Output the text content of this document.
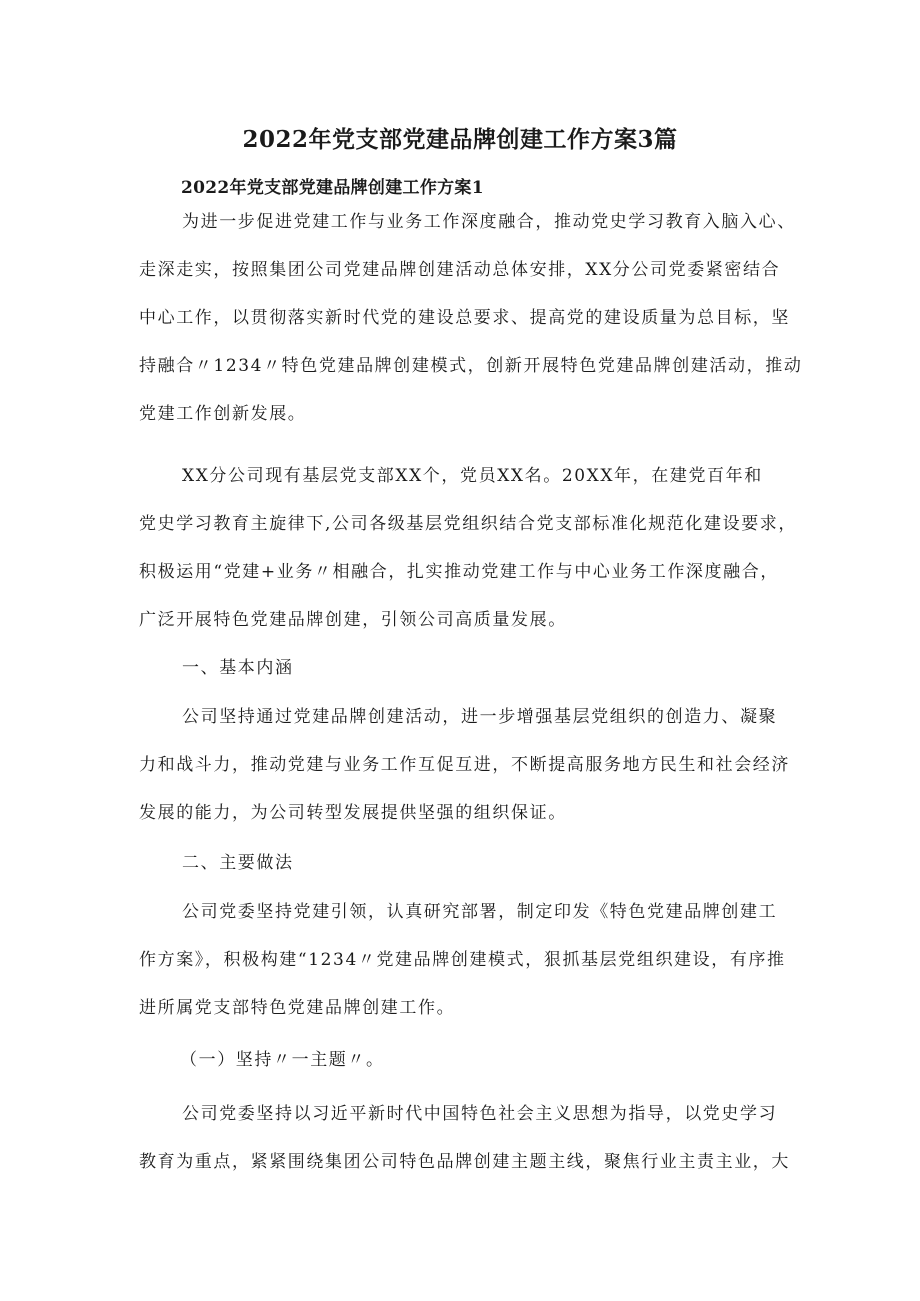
2022年党支部党建品牌创建工作方案3篇
2022年党支部党建品牌创建工作方案1

为进一步促进党建工作与业务工作深度融合，推动党史学习教育入脑入心、
走深走实，按照集团公司党建品牌创建活动总体安排，XX分公司党委紧密结合
中心工作，以贯彻落实新时代党的建设总要求、提高党的建设质量为总目标，坚
持融合〃1234〃特色党建品牌创建模式，创新开展特色党建品牌创建活动，推动
党建工作创新发展。

XX分公司现有基层党支部XX个，党员XX名。20XX年，在建党百年和
党史学习教育主旋律下,公司各级基层党组织结合党支部标准化规范化建设要求，
积极运用“党建+业务〃相融合，扎实推动党建工作与中心业务工作深度融合，
广泛开展特色党建品牌创建，引领公司高质量发展。

一、基本内涵

公司坚持通过党建品牌创建活动，进一步增强基层党组织的创造力、凝聚
力和战斗力，推动党建与业务工作互促互进，不断提高服务地方民生和社会经济
发展的能力，为公司转型发展提供坚强的组织保证。

二、主要做法

公司党委坚持党建引领，认真研究部署，制定印发《特色党建品牌创建工
作方案》，积极构建“1234〃党建品牌创建模式，狠抓基层党组织建设，有序推
进所属党支部特色党建品牌创建工作。

（一）坚持〃一主题〃。

公司党委坚持以习近平新时代中国特色社会主义思想为指导，以党史学习
教育为重点，紧紧围绕集团公司特色品牌创建主题主线，聚焦行业主责主业，大
